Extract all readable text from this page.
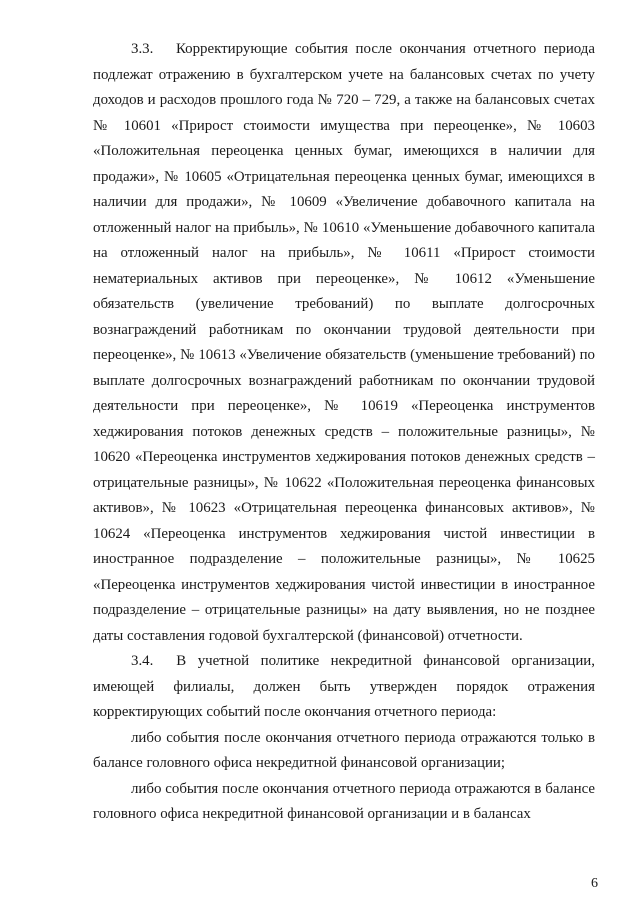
3.3.   Корректирующие события после окончания отчетного периода подлежат отражению в бухгалтерском учете на балансовых счетах по учету доходов и расходов прошлого года № 720 – 729, а также на балансовых счетах № 10601 «Прирост стоимости имущества при переоценке», № 10603 «Положительная переоценка ценных бумаг, имеющихся в наличии для продажи», № 10605 «Отрицательная переоценка ценных бумаг, имеющихся в наличии для продажи», № 10609 «Увеличение добавочного капитала на отложенный налог на прибыль», № 10610 «Уменьшение добавочного капитала на отложенный налог на прибыль», № 10611 «Прирост стоимости нематериальных активов при переоценке», № 10612 «Уменьшение обязательств (увеличение требований) по выплате долгосрочных вознаграждений работникам по окончании трудовой деятельности при переоценке», № 10613 «Увеличение обязательств (уменьшение требований) по выплате долгосрочных вознаграждений работникам по окончании трудовой деятельности при переоценке», № 10619 «Переоценка инструментов хеджирования потоков денежных средств – положительные разницы», № 10620 «Переоценка инструментов хеджирования потоков денежных средств – отрицательные разницы», № 10622 «Положительная переоценка финансовых активов», № 10623 «Отрицательная переоценка финансовых активов», № 10624 «Переоценка инструментов хеджирования чистой инвестиции в иностранное подразделение – положительные разницы», № 10625 «Переоценка инструментов хеджирования чистой инвестиции в иностранное подразделение – отрицательные разницы» на дату выявления, но не позднее даты составления годовой бухгалтерской (финансовой) отчетности.

3.4.  В учетной политике некредитной финансовой организации, имеющей филиалы, должен быть утвержден порядок отражения корректирующих событий после окончания отчетного периода:

либо события после окончания отчетного периода отражаются только в балансе головного офиса некредитной финансовой организации;

либо события после окончания отчетного периода отражаются в балансе головного офиса некредитной финансовой организации и в балансах

6
